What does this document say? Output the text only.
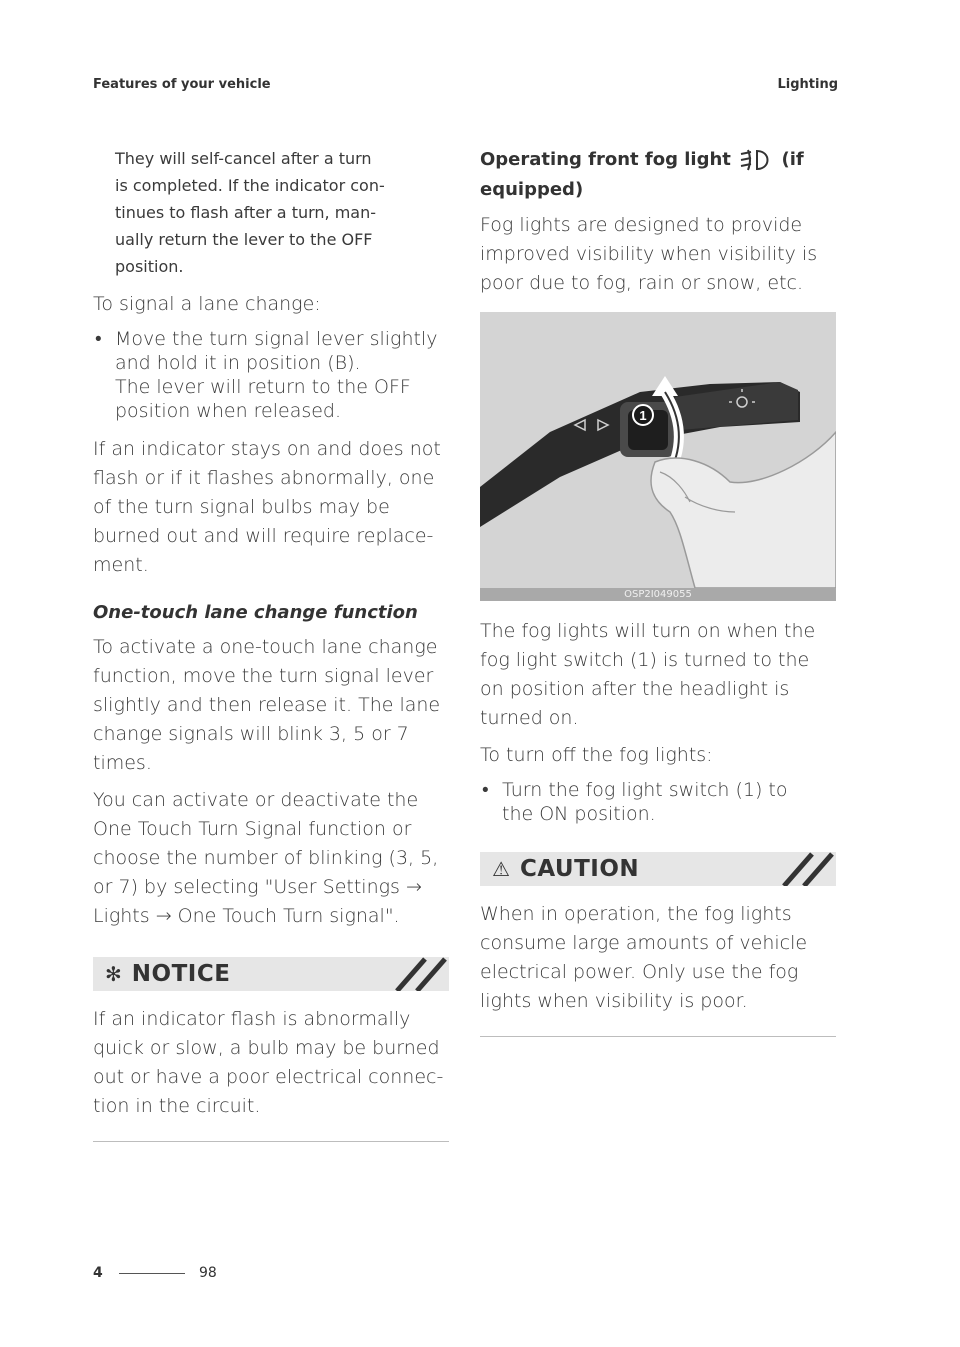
Features of your vehicle	Lighting
They will self-cancel after a turn
is completed. If the indicator con-
tinues to flash after a turn, man-
ually return the lever to the OFF
position.

To signal a lane change:

• Move the turn signal lever slightly
and hold it in position (B).
The lever will return to the OFF
position when released.

If an indicator stays on and does not flash or if it flashes abnormally, one of the turn signal bulbs may be burned out and will require replace-ment.

One-touch lane change function

To activate a one-touch lane change function, move the turn signal lever slightly and then release it. The lane change signals will blink 3, 5 or 7 times.

You can activate or deactivate the One Touch Turn Signal function or choose the number of blinking (3, 5, or 7) by selecting "User Settings → Lights → One Touch Turn signal".

✻ NOTICE

If an indicator flash is abnormally quick or slow, a bulb may be burned out or have a poor electrical connec-tion in the circuit.

Operating front fog light	(if
equipped)

Fog lights are designed to provide improved visibility when visibility is poor due to fog, rain or snow, etc.

1
OSP2I049055

The fog lights will turn on when the fog light switch (1) is turned to the on position after the headlight is turned on.

To turn off the fog lights:

• Turn the fog light switch (1) to
the ON position.

⚠ CAUTION

When in operation, the fog lights consume large amounts of vehicle electrical power. Only use the fog lights when visibility is poor.

4	98
